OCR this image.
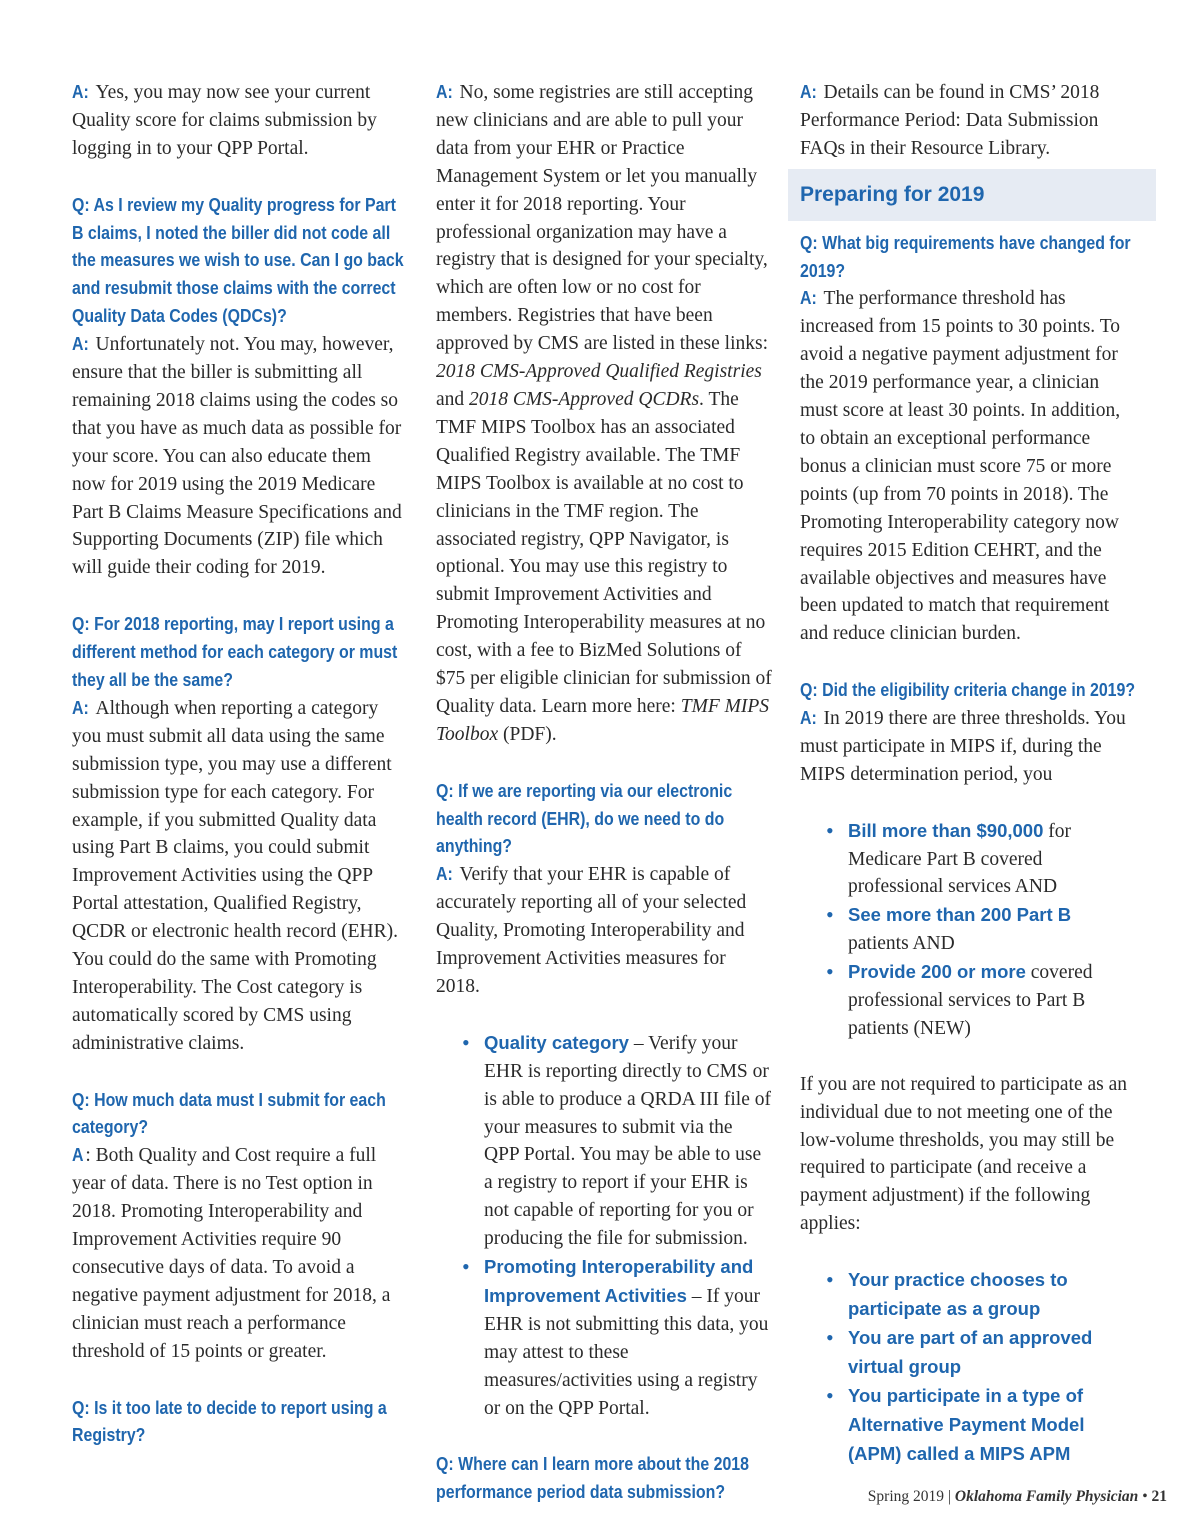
A: Yes, you may now see your current Quality score for claims submission by logging in to your QPP Portal.

Q: As I review my Quality progress for Part B claims, I noted the biller did not code all the measures we wish to use. Can I go back and resubmit those claims with the correct Quality Data Codes (QDCs)?

A: Unfortunately not. You may, however, ensure that the biller is submitting all remaining 2018 claims using the codes so that you have as much data as possible for your score. You can also educate them now for 2019 using the 2019 Medicare Part B Claims Measure Specifications and Supporting Documents (ZIP) file which will guide their coding for 2019.

Q: For 2018 reporting, may I report using a different method for each category or must they all be the same?

A: Although when reporting a category you must submit all data using the same submission type, you may use a different submission type for each category. For example, if you submitted Quality data using Part B claims, you could submit Improvement Activities using the QPP Portal attestation, Qualified Registry, QCDR or electronic health record (EHR). You could do the same with Promoting Interoperability. The Cost category is automatically scored by CMS using administrative claims.

Q: How much data must I submit for each category?

A: Both Quality and Cost require a full year of data. There is no Test option in 2018. Promoting Interoperability and Improvement Activities require 90 consecutive days of data. To avoid a negative payment adjustment for 2018, a clinician must reach a performance threshold of 15 points or greater.

Q: Is it too late to decide to report using a Registry?

A: No, some registries are still accepting new clinicians and are able to pull your data from your EHR or Practice Management System or let you manually enter it for 2018 reporting. Your professional organization may have a registry that is designed for your specialty, which are often low or no cost for members. Registries that have been approved by CMS are listed in these links: 2018 CMS-Approved Qualified Registries and 2018 CMS-Approved QCDRs. The TMF MIPS Toolbox has an associated Qualified Registry available. The TMF MIPS Toolbox is available at no cost to clinicians in the TMF region. The associated registry, QPP Navigator, is optional. You may use this registry to submit Improvement Activities and Promoting Interoperability measures at no cost, with a fee to BizMed Solutions of $75 per eligible clinician for submission of Quality data. Learn more here: TMF MIPS Toolbox (PDF).

Q: If we are reporting via our electronic health record (EHR), do we need to do anything?

A: Verify that your EHR is capable of accurately reporting all of your selected Quality, Promoting Interoperability and Improvement Activities measures for 2018.

• Quality category – Verify your EHR is reporting directly to CMS or is able to produce a QRDA III file of your measures to submit via the QPP Portal. You may be able to use a registry to report if your EHR is not capable of reporting for you or producing the file for submission.
• Promoting Interoperability and Improvement Activities – If your EHR is not submitting this data, you may attest to these measures/activities using a registry or on the QPP Portal.

Q: Where can I learn more about the 2018 performance period data submission?

A: Details can be found in CMS’ 2018 Performance Period: Data Submission FAQs in their Resource Library.

Preparing for 2019

Q: What big requirements have changed for 2019?

A: The performance threshold has increased from 15 points to 30 points. To avoid a negative payment adjustment for the 2019 performance year, a clinician must score at least 30 points. In addition, to obtain an exceptional performance bonus a clinician must score 75 or more points (up from 70 points in 2018). The Promoting Interoperability category now requires 2015 Edition CEHRT, and the available objectives and measures have been updated to match that requirement and reduce clinician burden.

Q: Did the eligibility criteria change in 2019?

A: In 2019 there are three thresholds. You must participate in MIPS if, during the MIPS determination period, you

• Bill more than $90,000 for Medicare Part B covered professional services AND
• See more than 200 Part B patients AND
• Provide 200 or more covered professional services to Part B patients (NEW)

If you are not required to participate as an individual due to not meeting one of the low-volume thresholds, you may still be required to participate (and receive a payment adjustment) if the following applies:

• Your practice chooses to participate as a group
• You are part of an approved virtual group
• You participate in a type of Alternative Payment Model (APM) called a MIPS APM
Spring 2019 | Oklahoma Family Physician • 21
